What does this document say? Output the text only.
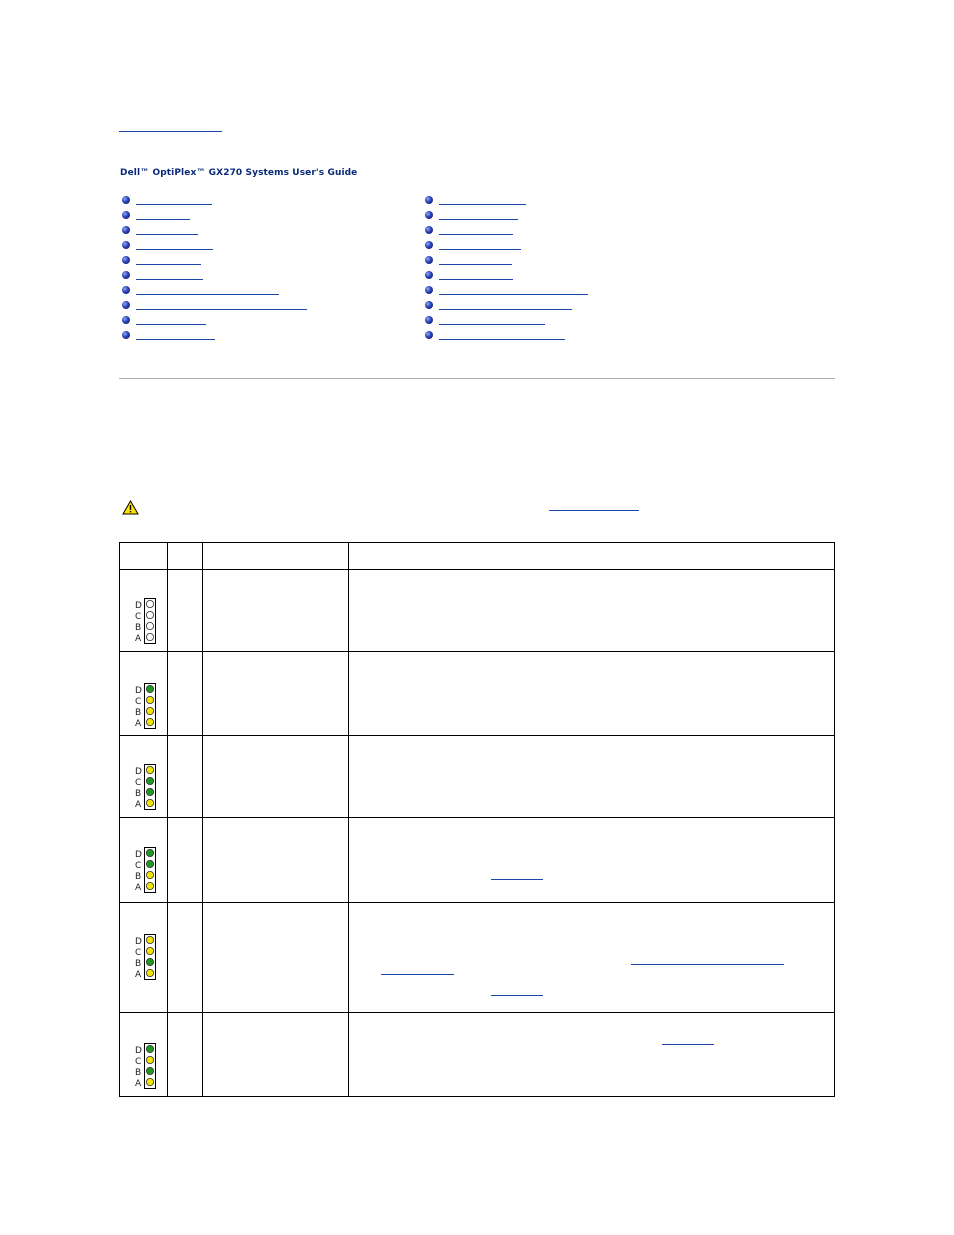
Dell™ OptiPlex™ GX270 Systems User's Guide

D
C
B
A			

D
C
B
A			

D
C
B
A			

D
C
B
A			

D
C
B
A			

D
C
B
A			
